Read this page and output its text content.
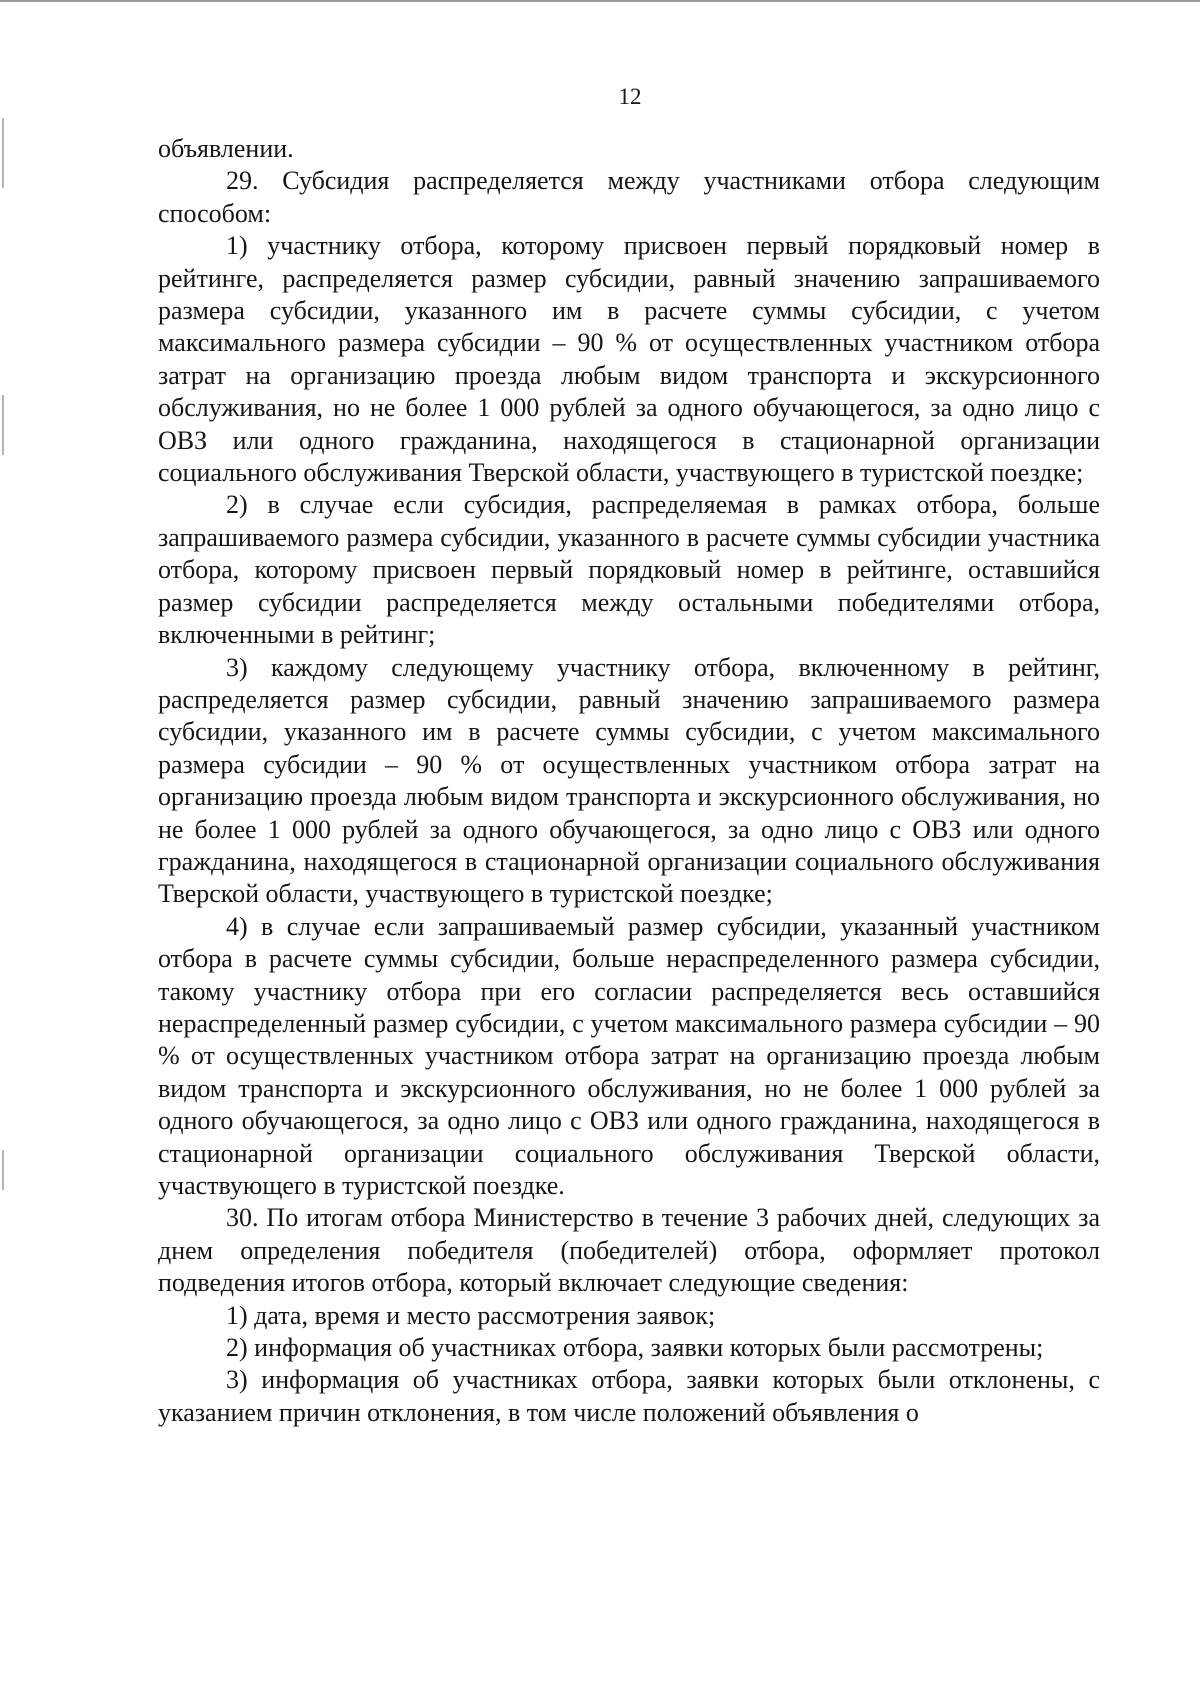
12

объявлении.

29. Субсидия распределяется между участниками отбора следующим способом:

1) участнику отбора, которому присвоен первый порядковый номер в рейтинге, распределяется размер субсидии, равный значению запрашиваемого размера субсидии, указанного им в расчете суммы субсидии, с учетом максимального размера субсидии – 90 % от осуществленных участником отбора затрат на организацию проезда любым видом транспорта и экскурсионного обслуживания, но не более 1 000 рублей за одного обучающегося, за одно лицо с ОВЗ или одного гражданина, находящегося в стационарной организации социального обслуживания Тверской области, участвующего в туристской поездке;

2) в случае если субсидия, распределяемая в рамках отбора, больше запрашиваемого размера субсидии, указанного в расчете суммы субсидии участника отбора, которому присвоен первый порядковый номер в рейтинге, оставшийся размер субсидии распределяется между остальными победителями отбора, включенными в рейтинг;

3) каждому следующему участнику отбора, включенному в рейтинг, распределяется размер субсидии, равный значению запрашиваемого размера субсидии, указанного им в расчете суммы субсидии, с учетом максимального размера субсидии – 90 % от осуществленных участником отбора затрат на организацию проезда любым видом транспорта и экскурсионного обслуживания, но не более 1 000 рублей за одного обучающегося, за одно лицо с ОВЗ или одного гражданина, находящегося в стационарной организации социального обслуживания Тверской области, участвующего в туристской поездке;

4) в случае если запрашиваемый размер субсидии, указанный участником отбора в расчете суммы субсидии, больше нераспределенного размера субсидии, такому участнику отбора при его согласии распределяется весь оставшийся нераспределенный размер субсидии, с учетом максимального размера субсидии – 90 % от осуществленных участником отбора затрат на организацию проезда любым видом транспорта и экскурсионного обслуживания, но не более 1 000 рублей за одного обучающегося, за одно лицо с ОВЗ или одного гражданина, находящегося в стационарной организации социального обслуживания Тверской области, участвующего в туристской поездке.

30. По итогам отбора Министерство в течение 3 рабочих дней, следующих за днем определения победителя (победителей) отбора, оформляет протокол подведения итогов отбора, который включает следующие сведения:

1) дата, время и место рассмотрения заявок;

2) информация об участниках отбора, заявки которых были рассмотрены;

3) информация об участниках отбора, заявки которых были отклонены, с указанием причин отклонения, в том числе положений объявления о
